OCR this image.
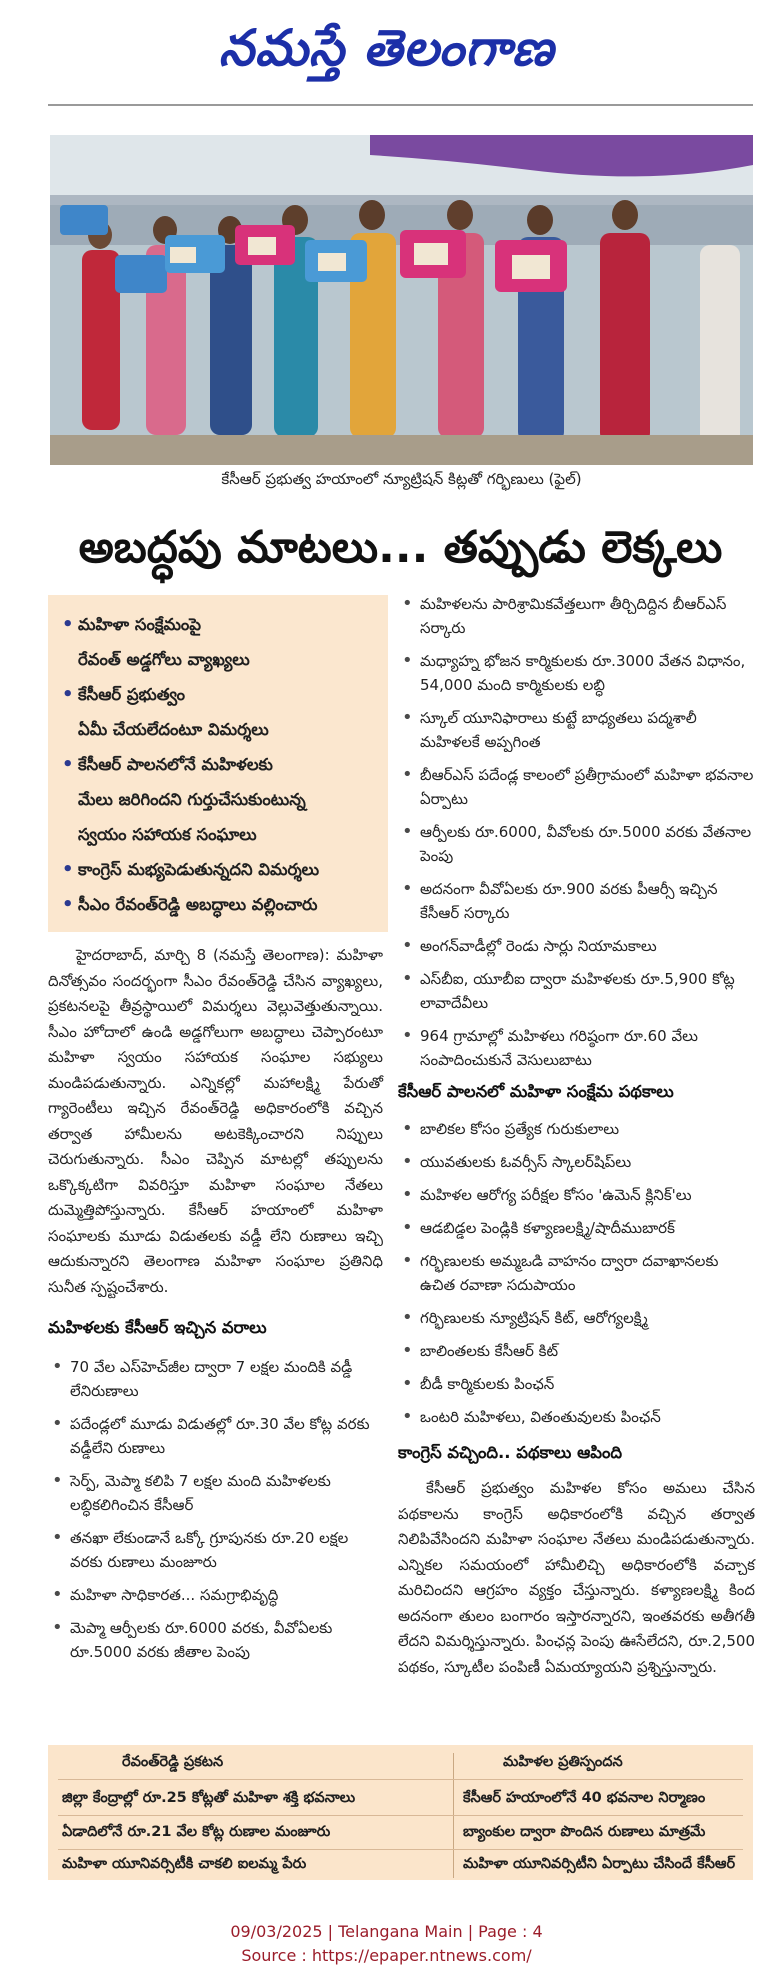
నమస్తే తెలంగాణ
కేసీఆర్ ప్రభుత్వ హయాంలో న్యూట్రిషన్ కిట్లతో గర్భిణులు (ఫైల్)
అబద్ధపు మాటలు... తప్పుడు లెక్కలు
• మహిళా సంక్షేమంపై
రేవంత్ అడ్డగోలు వ్యాఖ్యలు
• కేసీఆర్ ప్రభుత్వం
ఏమీ చేయలేదంటూ విమర్శలు
• కేసీఆర్ పాలనలోనే మహిళలకు
మేలు జరిగిందని గుర్తుచేసుకుంటున్న
స్వయం సహాయక సంఘాలు
• కాంగ్రెస్ మభ్యపెడుతున్నదని విమర్శలు
• సీఎం రేవంత్‌రెడ్డి అబద్ధాలు వల్లించారు

హైదరాబాద్, మార్చి 8 (నమస్తే తెలంగాణ): మహిళా దినోత్సవం సందర్భంగా సీఎం రేవంత్‌రెడ్డి చేసిన వ్యాఖ్యలు, ప్రకటనలపై తీవ్రస్థాయిలో విమర్శలు వెల్లువెత్తుతున్నాయి. సీఎం హోదాలో ఉండి అడ్డగోలుగా అబద్ధాలు చెప్పారంటూ మహిళా స్వయం సహాయక సంఘాల సభ్యులు మండిపడుతున్నారు. ఎన్నికల్లో మహాలక్ష్మి పేరుతో గ్యారెంటీలు ఇచ్చిన రేవంత్‌రెడ్డి అధికారంలోకి వచ్చిన తర్వాత హామీలను అటకెక్కించారని నిప్పులు చెరుగుతున్నారు. సీఎం చెప్పిన మాటల్లో తప్పులను ఒక్కొక్కటిగా వివరిస్తూ మహిళా సంఘాల నేతలు దుమ్మెత్తిపోస్తున్నారు. కేసీఆర్ హయాంలో మహిళా సంఘాలకు మూడు విడుతలకు వడ్డీ లేని రుణాలు ఇచ్చి ఆదుకున్నారని తెలంగాణ మహిళా సంఘాల ప్రతినిధి సునీత స్పష్టంచేశారు.

మహిళలకు కేసీఆర్ ఇచ్చిన వరాలు

• 70 వేల ఎస్‌హెచ్‌జీల ద్వారా 7 లక్షల మందికి వడ్డీ లేనిరుణాలు
• పదేండ్లలో మూడు విడుతల్లో రూ.30 వేల కోట్ల వరకు వడ్డీలేని రుణాలు
• సెర్ప్, మెప్మా కలిపి 7 లక్షల మంది మహిళలకు లబ్ధికలిగించిన కేసీఆర్
• తనఖా లేకుండానే ఒక్కో గ్రూపునకు రూ.20 లక్షల వరకు రుణాలు మంజూరు
• మహిళా సాధికారత... సమగ్రాభివృద్ధి
• మెప్మా ఆర్పీలకు రూ.6000 వరకు, వీవోఏలకు రూ.5000 వరకు జీతాల పెంపు
• మహిళలను పారిశ్రామికవేత్తలుగా తీర్చిదిద్దిన బీఆర్‌ఎస్ సర్కారు
• మధ్యాహ్న భోజన కార్మికులకు రూ.3000 వేతన విధానం, 54,000 మంది కార్మికులకు లబ్ధి
• స్కూల్ యూనిఫారాలు కుట్టే బాధ్యతలు పద్మశాలీ మహిళలకే అప్పగింత
• బీఆర్‌ఎస్ పదేండ్ల కాలంలో ప్రతీగ్రామంలో మహిళా భవనాల ఏర్పాటు
• ఆర్పీలకు రూ.6000, వీవోలకు రూ.5000 వరకు వేతనాల పెంపు
• అదనంగా వీవోఏలకు రూ.900 వరకు పీఆర్సీ ఇచ్చిన కేసీఆర్ సర్కారు
• అంగన్‌వాడీల్లో రెండు సార్లు నియామకాలు
• ఎస్‌బీఐ, యూబీఐ ద్వారా మహిళలకు రూ.5,900 కోట్ల లావాదేవీలు
• 964 గ్రామాల్లో మహిళలు గరిష్ఠంగా రూ.60 వేలు సంపాదించుకునే వెసులుబాటు

కేసీఆర్ పాలనలో మహిళా సంక్షేమ పథకాలు

• బాలికల కోసం ప్రత్యేక గురుకులాలు
• యువతులకు ఓవర్సీస్ స్కాలర్‌షిప్‌లు
• మహిళల ఆరోగ్య పరీక్షల కోసం 'ఉమెన్ క్లినిక్'లు
• ఆడబిడ్డల పెండ్లికి కళ్యాణలక్ష్మి/షాదీముబారక్
• గర్భిణులకు అమ్మఒడి వాహనం ద్వారా దవాఖానలకు ఉచిత రవాణా సదుపాయం
• గర్భిణులకు న్యూట్రిషన్ కిట్, ఆరోగ్యలక్ష్మి
• బాలింతలకు కేసీఆర్ కిట్
• బీడీ కార్మికులకు పింఛన్
• ఒంటరి మహిళలు, వితంతువులకు పింఛన్

కాంగ్రెస్ వచ్చింది.. పథకాలు ఆపింది

కేసీఆర్ ప్రభుత్వం మహిళల కోసం అమలు చేసిన పథకాలను కాంగ్రెస్ అధికారంలోకి వచ్చిన తర్వాత నిలిపివేసిందని మహిళా సంఘాల నేతలు మండిపడుతున్నారు. ఎన్నికల సమయంలో హామీలిచ్చి అధికారంలోకి వచ్చాక మరిచిందని ఆగ్రహం వ్యక్తం చేస్తున్నారు. కళ్యాణలక్ష్మి కింద అదనంగా తులం బంగారం ఇస్తారన్నారని, ఇంతవరకు అతీగతీ లేదని విమర్శిస్తున్నారు. పింఛన్ల పెంపు ఊసేలేదని, రూ.2,500 పథకం, స్కూటీల పంపిణీ ఏమయ్యాయని ప్రశ్నిస్తున్నారు.

రేవంత్‌రెడ్డి ప్రకటన	మహిళల ప్రతిస్పందన
జిల్లా కేంద్రాల్లో రూ.25 కోట్లతో మహిళా శక్తి భవనాలు	కేసీఆర్ హయాంలోనే 40 భవనాల నిర్మాణం
ఏడాదిలోనే రూ.21 వేల కోట్ల రుణాల మంజూరు	బ్యాంకుల ద్వారా పొందిన రుణాలు మాత్రమే
మహిళా యూనివర్సిటీకి చాకలి ఐలమ్మ పేరు	మహిళా యూనివర్సిటీని ఏర్పాటు చేసిందే కేసీఆర్
09/03/2025 | Telangana Main | Page : 4
Source : https://epaper.ntnews.com/
